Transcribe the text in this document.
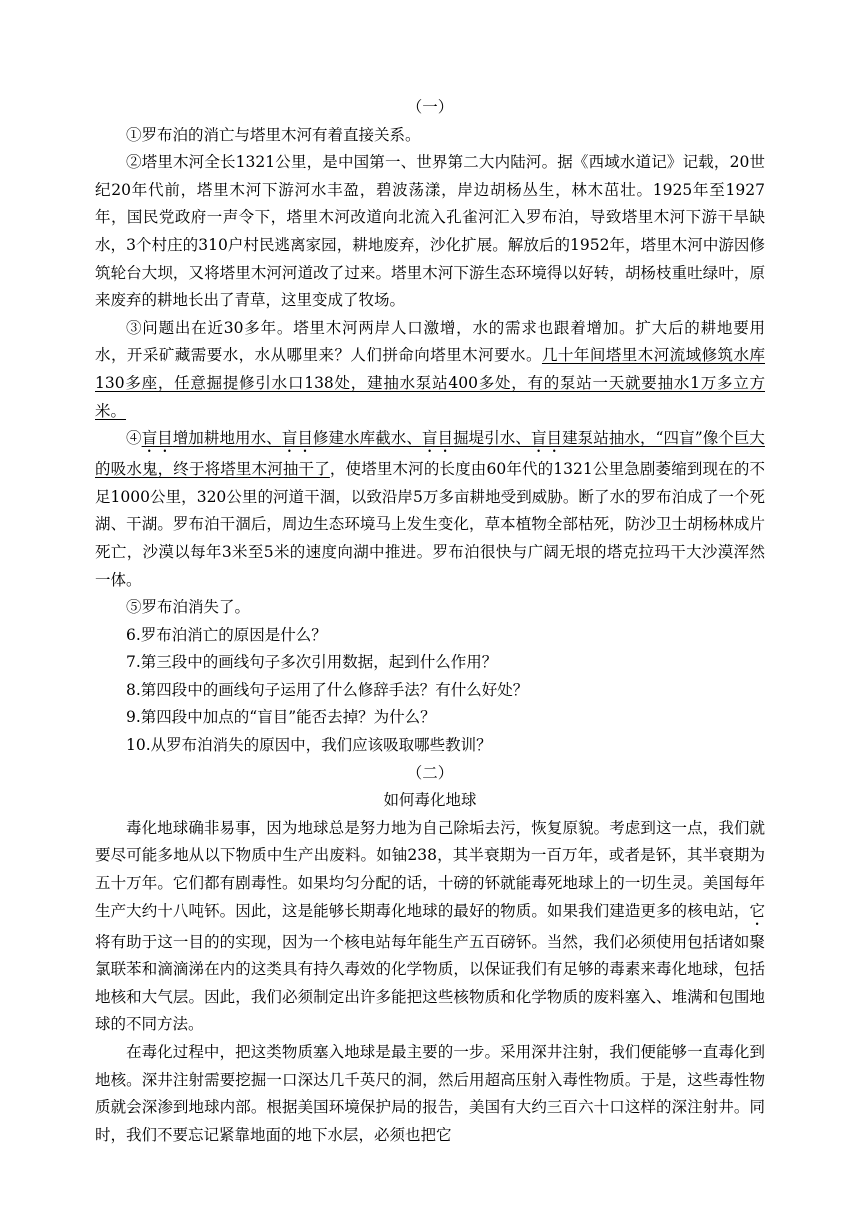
（一）

①罗布泊的消亡与塔里木河有着直接关系。

②塔里木河全长1321公里，是中国第一、世界第二大内陆河。据《西域水道记》记载，20世纪20年代前，塔里木河下游河水丰盈，碧波荡漾，岸边胡杨丛生，林木茁壮。1925年至1927年，国民党政府一声令下，塔里木河改道向北流入孔雀河汇入罗布泊，导致塔里木河下游干旱缺水，3个村庄的310户村民逃离家园，耕地废弃，沙化扩展。解放后的1952年，塔里木河中游因修筑轮台大坝，又将塔里木河河道改了过来。塔里木河下游生态环境得以好转，胡杨枝重吐绿叶，原来废弃的耕地长出了青草，这里变成了牧场。

③问题出在近30多年。塔里木河两岸人口激增，水的需求也跟着增加。扩大后的耕地要用水，开采矿藏需要水，水从哪里来？人们拼命向塔里木河要水。几十年间塔里木河流域修筑水库130多座，任意掘提修引水口138处，建抽水泵站400多处，有的泵站一天就要抽水1万多立方米。

④盲目增加耕地用水、盲目修建水库截水、盲目掘堤引水、盲目建泵站抽水，“四盲”像个巨大的吸水鬼，终于将塔里木河抽干了，使塔里木河的长度由60年代的1321公里急剧萎缩到现在的不足1000公里，320公里的河道干涸，以致沿岸5万多亩耕地受到威胁。断了水的罗布泊成了一个死湖、干湖。罗布泊干涸后，周边生态环境马上发生变化，草本植物全部枯死，防沙卫士胡杨林成片死亡，沙漠以每年3米至5米的速度向湖中推进。罗布泊很快与广阔无垠的塔克拉玛干大沙漠浑然一体。

⑤罗布泊消失了。

6.罗布泊消亡的原因是什么？

7.第三段中的画线句子多次引用数据，起到什么作用？

8.第四段中的画线句子运用了什么修辞手法？有什么好处？

9.第四段中加点的“盲目”能否去掉？为什么？

10.从罗布泊消失的原因中，我们应该吸取哪些教训？

（二）

如何毒化地球

毒化地球确非易事，因为地球总是努力地为自己除垢去污，恢复原貌。考虑到这一点，我们就要尽可能多地从以下物质中生产出废料。如铀238，其半衰期为一百万年，或者是钚，其半衰期为五十万年。它们都有剧毒性。如果均匀分配的话，十磅的钚就能毒死地球上的一切生灵。美国每年生产大约十八吨钚。因此，这是能够长期毒化地球的最好的物质。如果我们建造更多的核电站，它将有助于这一目的的实现，因为一个核电站每年能生产五百磅钚。当然，我们必须使用包括诸如聚氯联苯和滴滴涕在内的这类具有持久毒效的化学物质，以保证我们有足够的毒素来毒化地球，包括地核和大气层。因此，我们必须制定出许多能把这些核物质和化学物质的废料塞入、堆满和包围地球的不同方法。

在毒化过程中，把这类物质塞入地球是最主要的一步。采用深井注射，我们便能够一直毒化到地核。深井注射需要挖掘一口深达几千英尺的洞，然后用超高压射入毒性物质。于是，这些毒性物质就会深渗到地球内部。根据美国环境保护局的报告，美国有大约三百六十口这样的深注射井。同时，我们不要忘记紧靠地面的地下水层，必须也把它
